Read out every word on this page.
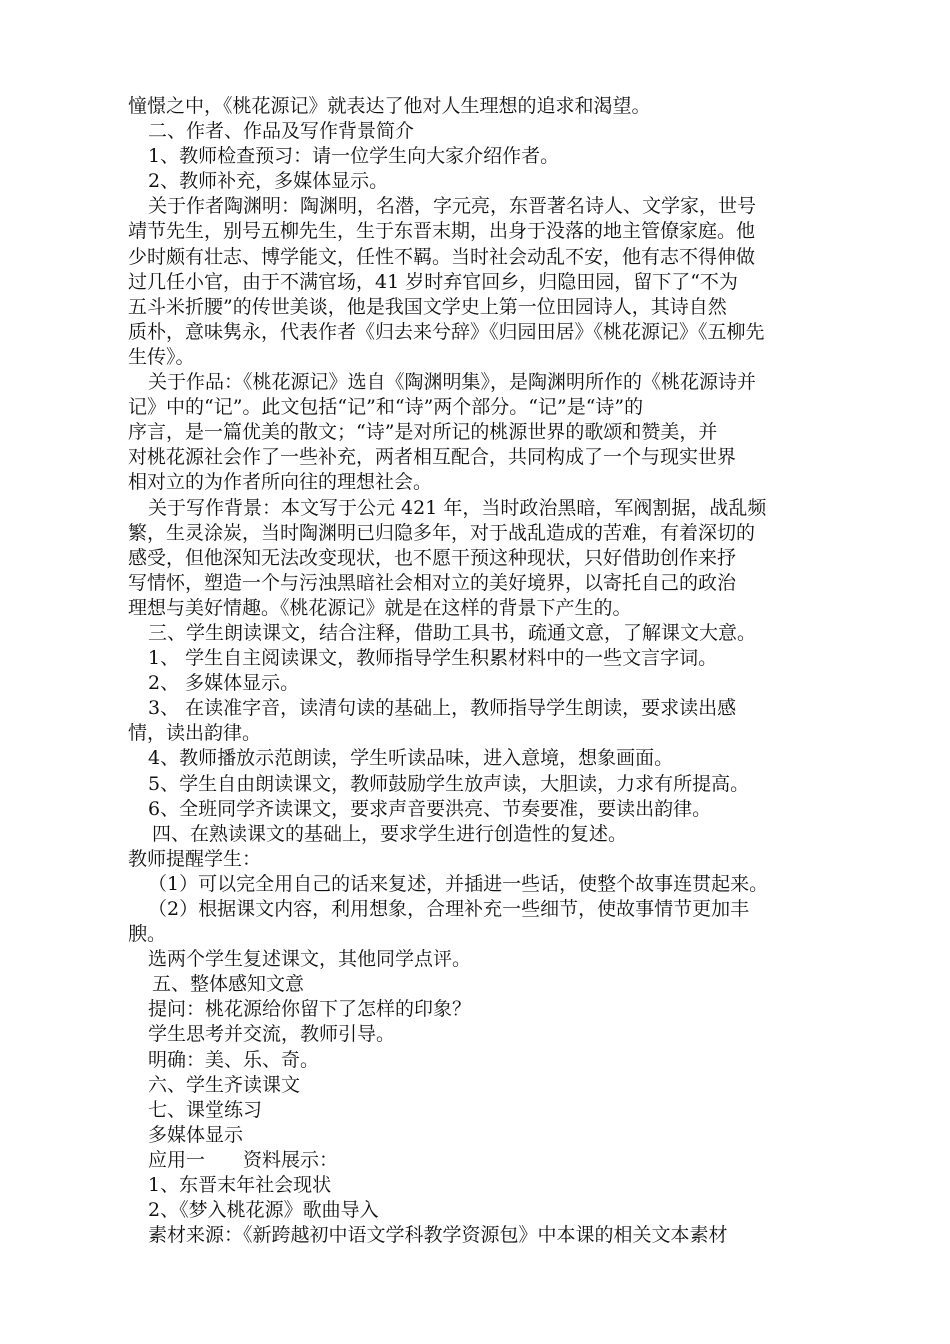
憧憬之中，《桃花源记》就表达了他对人生理想的追求和渴望。
二、作者、作品及写作背景简介
1、教师检查预习：请一位学生向大家介绍作者。
2、教师补充，多媒体显示。
关于作者陶渊明：陶渊明，名潜，字元亮，东晋著名诗人、文学家，世号
靖节先生，别号五柳先生，生于东晋末期，出身于没落的地主管僚家庭。他
少时颇有壮志、博学能文，任性不羁。当时社会动乱不安，他有志不得伸做
过几任小官，由于不满官场，41 岁时弃官回乡，归隐田园，留下了“不为
五斗米折腰”的传世美谈，他是我国文学史上第一位田园诗人，其诗自然
质朴，意味隽永，代表作者《归去来兮辞》《归园田居》《桃花源记》《五柳先
生传》。
关于作品：《桃花源记》选自《陶渊明集》，是陶渊明所作的《桃花源诗并
记》中的“记”。此文包括“记”和“诗”两个部分。“记”是“诗”的
序言，是一篇优美的散文；“诗”是对所记的桃源世界的歌颂和赞美，并
对桃花源社会作了一些补充，两者相互配合，共同构成了一个与现实世界
相对立的为作者所向往的理想社会。
关于写作背景：本文写于公元 421 年，当时政治黑暗，军阀割据，战乱频
繁，生灵涂炭，当时陶渊明已归隐多年，对于战乱造成的苦难，有着深切的
感受，但他深知无法改变现状，也不愿干预这种现状，只好借助创作来抒
写情怀，塑造一个与污浊黑暗社会相对立的美好境界，以寄托自己的政治
理想与美好情趣。《桃花源记》就是在这样的背景下产生的。
三、学生朗读课文，结合注释，借助工具书，疏通文意，了解课文大意。
1、 学生自主阅读课文，教师指导学生积累材料中的一些文言字词。
2、 多媒体显示。
3、 在读准字音，读清句读的基础上，教师指导学生朗读，要求读出感
情，读出韵律。
4、教师播放示范朗读，学生听读品味，进入意境，想象画面。
5、学生自由朗读课文，教师鼓励学生放声读，大胆读，力求有所提高。
6、全班同学齐读课文，要求声音要洪亮、节奏要准，要读出韵律。
四、在熟读课文的基础上，要求学生进行创造性的复述。
教师提醒学生：
（1）可以完全用自己的话来复述，并插进一些话，使整个故事连贯起来。
（2）根据课文内容，利用想象，合理补充一些细节，使故事情节更加丰
腴。
选两个学生复述课文，其他同学点评。
五、整体感知文意
提问：桃花源给你留下了怎样的印象？
学生思考并交流，教师引导。
明确：美、乐、奇。
六、学生齐读课文
七、课堂练习
多媒体显示
应用一　　资料展示：
1、东晋末年社会现状
2、《梦入桃花源》歌曲导入
素材来源：《新跨越初中语文学科教学资源包》中本课的相关文本素材
